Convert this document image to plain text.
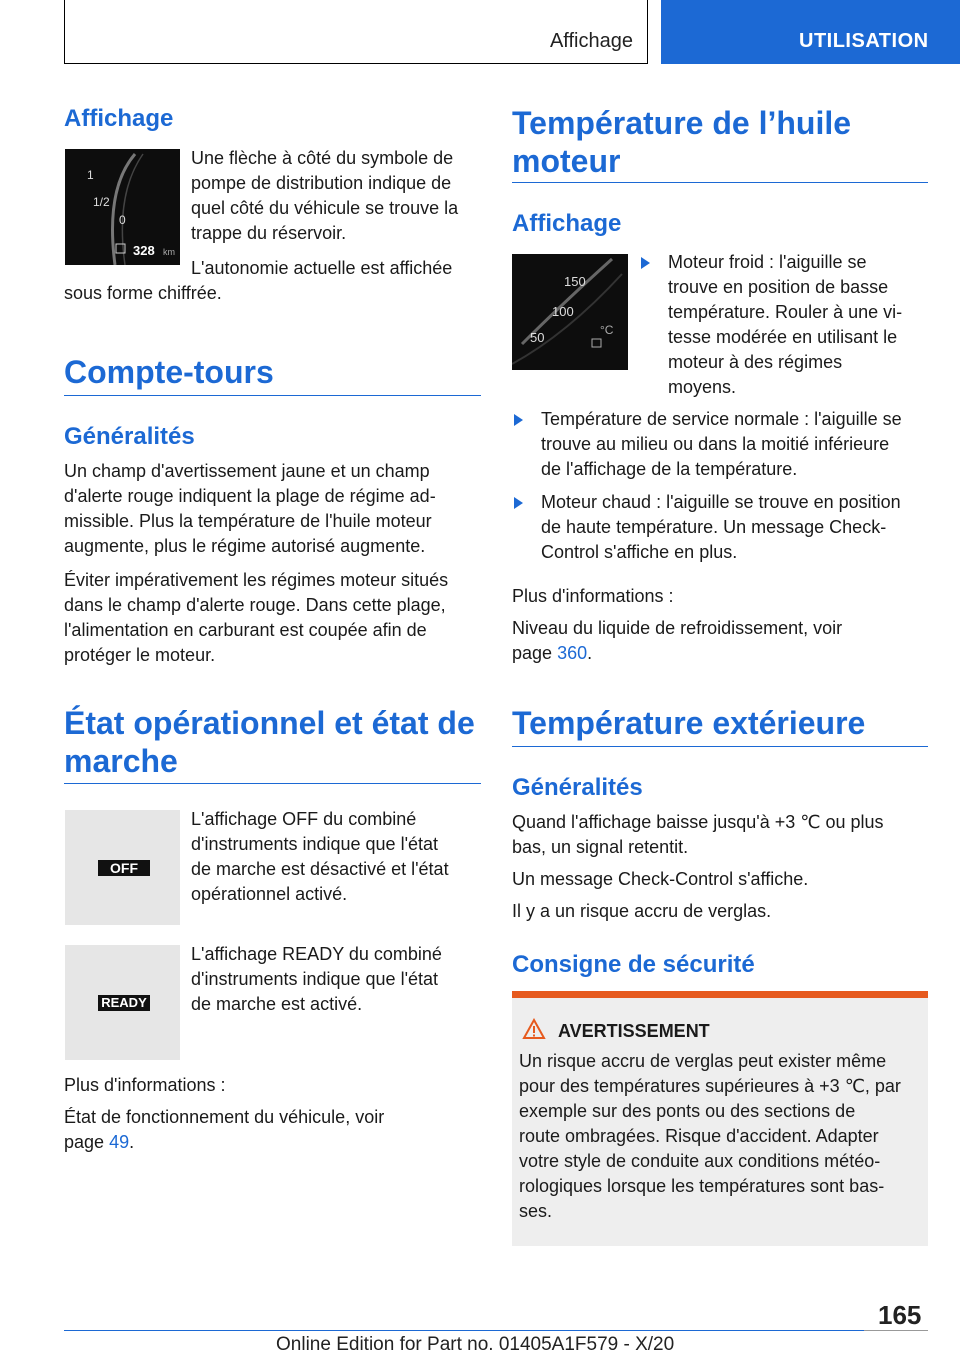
Affichage	UTILISATION
Affichage
1
1/2
0
328 km

Une flèche à côté du symbole de

pompe de distribution indique de

quel côté du véhicule se trouve la

trappe du réservoir.

L'autonomie actuelle est affichée

sous forme chiffrée.

Compte-tours
Généralités

Un champ d'avertissement jaune et un champ

d'alerte rouge indiquent la plage de régime ad-

missible. Plus la température de l'huile moteur

augmente, plus le régime autorisé augmente.

Éviter impérativement les régimes moteur situés

dans le champ d'alerte rouge. Dans cette plage,

l'alimentation en carburant est coupée afin de

protéger le moteur.

État opérationnel et état de
marche
OFF

L'affichage OFF du combiné

d'instruments indique que l'état

de marche est désactivé et l'état

opérationnel activé.

READY

L'affichage READY du combiné

d'instruments indique que l'état

de marche est activé.

Plus d'informations :

État de fonctionnement du véhicule, voir

page 49.

Température de l’huile
moteur
Affichage
150
100
50	°C

Moteur froid : l'aiguille se

trouve en position de basse

température. Rouler à une vi-

tesse modérée en utilisant le

moteur à des régimes

moyens.

Température de service normale : l'aiguille se

trouve au milieu ou dans la moitié inférieure

de l'affichage de la température.

Moteur chaud : l'aiguille se trouve en position

de haute température. Un message Check-

Control s'affiche en plus.

Plus d'informations :

Niveau du liquide de refroidissement, voir

page 360.

Température extérieure
Généralités

Quand l'affichage baisse jusqu'à +3 ℃ ou plus

bas, un signal retentit.

Un message Check-Control s'affiche.

Il y a un risque accru de verglas.

Consigne de sécurité
AVERTISSEMENT

Un risque accru de verglas peut exister même

pour des températures supérieures à +3 ℃, par

exemple sur des ponts ou des sections de

route ombragées. Risque d'accident. Adapter

votre style de conduite aux conditions météo-

rologiques lorsque les températures sont bas-

ses.

165
Online Edition for Part no. 01405A1F579 - X/20
